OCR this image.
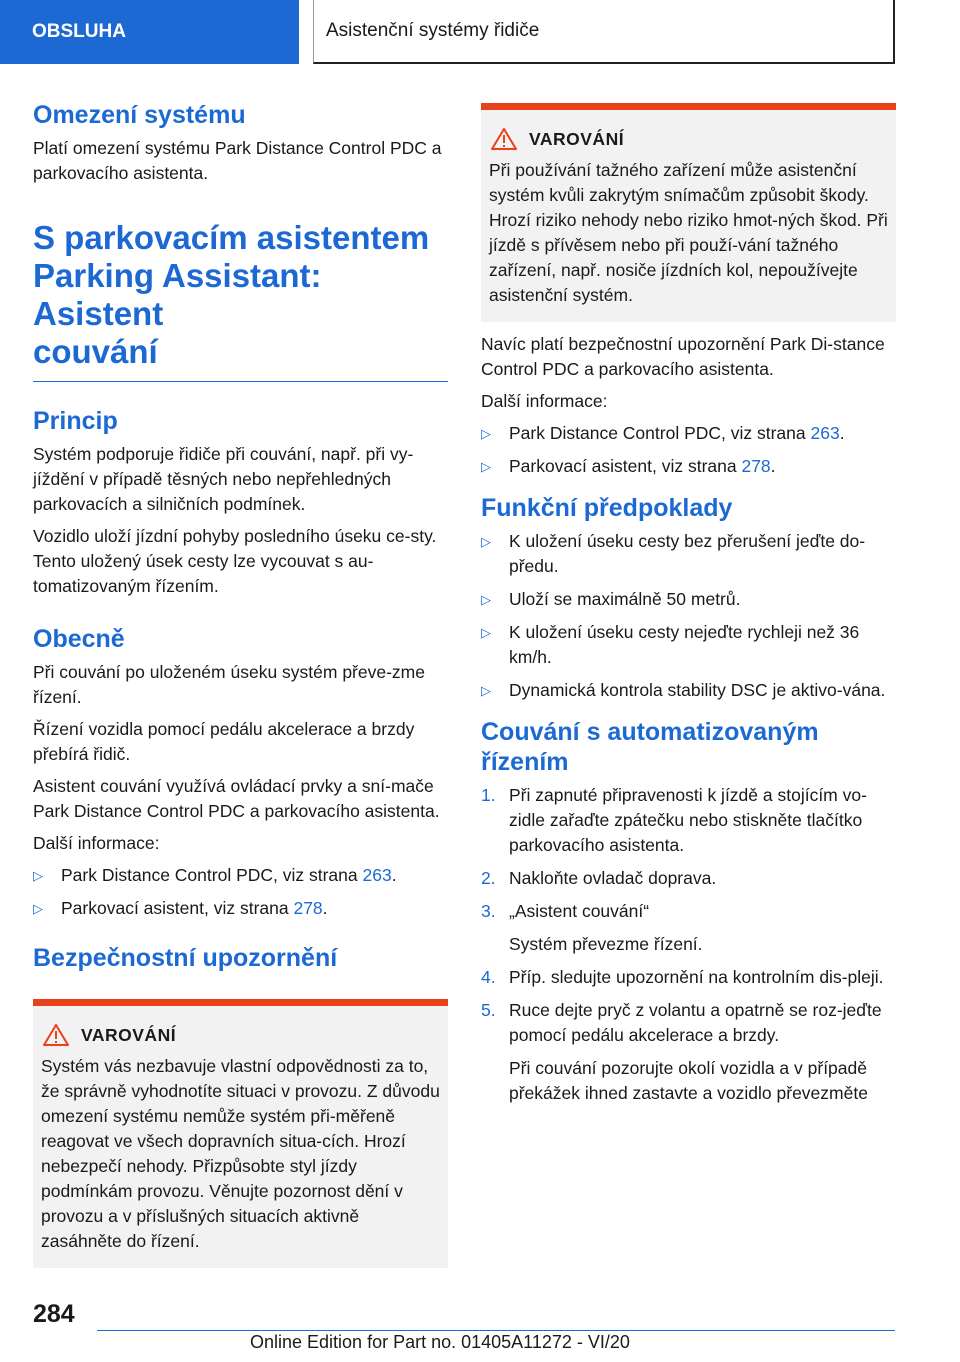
OBSLUHA	Asistenční systémy řidiče
Omezení systému

Platí omezení systému Park Distance Control PDC a parkovacího asistenta.

S parkovacím asistentem
Parking Assistant: Asistent
couvání
Princip

Systém podporuje řidiče při couvání, např. při vy‐jíždění v případě těsných nebo nepřehledných parkovacích a silničních podmínek.

Vozidlo uloží jízdní pohyby posledního úseku ce‐sty. Tento uložený úsek cesty lze vycouvat s au‐tomatizovaným řízením.

Obecně

Při couvání po uloženém úseku systém převe‐zme řízení.

Řízení vozidla pomocí pedálu akcelerace a brzdy přebírá řidič.

Asistent couvání využívá ovládací prvky a sní‐mače Park Distance Control PDC a parkovacího asistenta.

Další informace:

▷ Park Distance Control PDC, viz strana 263.
▷ Parkovací asistent, viz strana 278.
Bezpečnostní upozornění
VAROVÁNÍ

Systém vás nezbavuje vlastní odpovědnosti za to, že správně vyhodnotíte situaci v provozu. Z důvodu omezení systému nemůže systém při‐měřeně reagovat ve všech dopravních situa‐cích. Hrozí nebezpečí nehody. Přizpůsobte styl jízdy podmínkám provozu. Věnujte pozornost dění v provozu a v příslušných situacích aktivně zasáhněte do řízení.

VAROVÁNÍ

Při používání tažného zařízení může asistenční systém kvůli zakrytým snímačům způsobit škody. Hrozí riziko nehody nebo riziko hmot‐ných škod. Při jízdě s přívěsem nebo při použí‐vání tažného zařízení, např. nosiče jízdních kol, nepoužívejte asistenční systém.

Navíc platí bezpečnostní upozornění Park Di‐stance Control PDC a parkovacího asistenta.

Další informace:

▷ Park Distance Control PDC, viz strana 263.
▷ Parkovací asistent, viz strana 278.
Funkční předpoklady
▷ K uložení úseku cesty bez přerušení jeďte do‐předu.
▷ Uloží se maximálně 50 metrů.
▷ K uložení úseku cesty nejeďte rychleji než 36 km/h.
▷ Dynamická kontrola stability DSC je aktivo‐vána.
Couvání s automatizovaným
řízením
1. Při zapnuté připravenosti k jízdě a stojícím vo‐zidle zařaďte zpátečku nebo stiskněte tlačítko parkovacího asistenta.
2. Nakloňte ovladač doprava.
3. „Asistent couvání“
Systém převezme řízení.
4. Příp. sledujte upozornění na kontrolním dis‐pleji.
5. Ruce dejte pryč z volantu a opatrně se roz‐jeďte pomocí pedálu akcelerace a brzdy.
Při couvání pozorujte okolí vozidla a v případě překážek ihned zastavte a vozidlo převezměte
284
Online Edition for Part no. 01405A11272 - VI/20
